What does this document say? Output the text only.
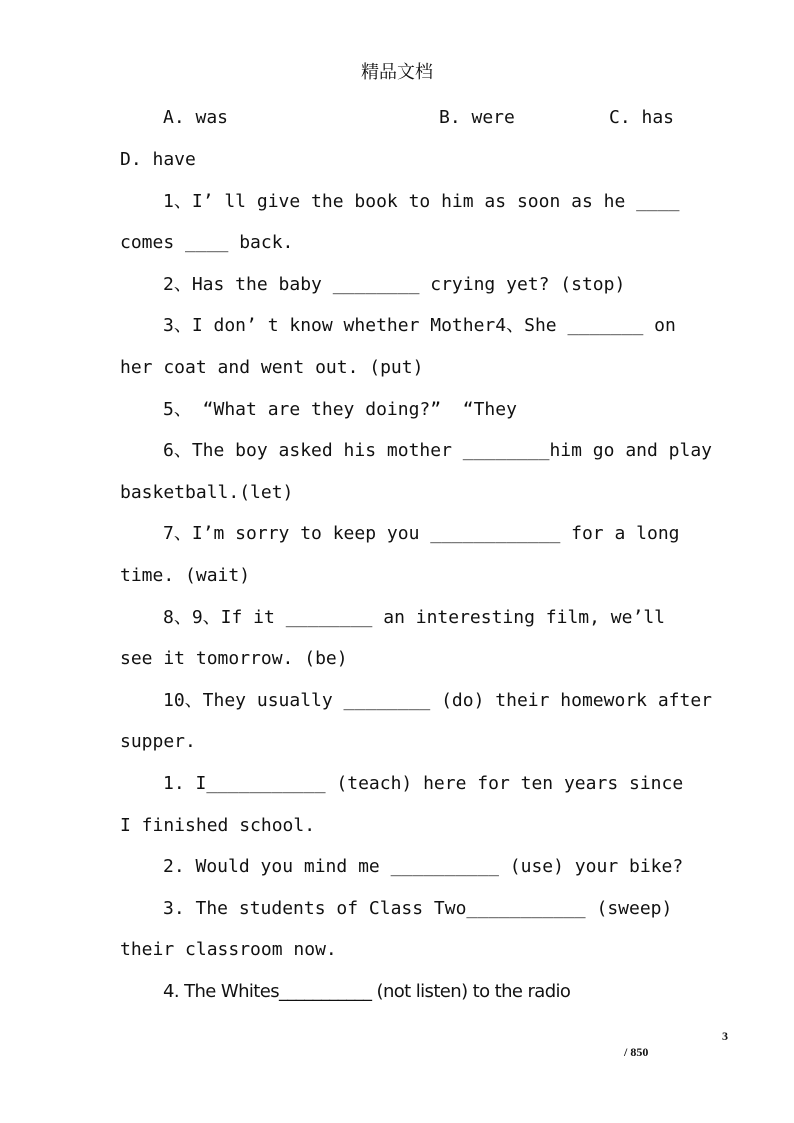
精品文档
A. was	B. were	C. has
D. have
1、I’ ll give the book to him as soon as he ____
comes ____ back.
2、Has the baby ________ crying yet? (stop)
3、I don’ t know whether Mother4、She _______ on
her coat and went out. (put)
5、 “What are they doing?”  “They
6、The boy asked his mother ________him go and play
basketball.(let)
7、I’m sorry to keep you ____________ for a long
time. (wait)
8、9、If it ________ an interesting film, we’ll
see it tomorrow. (be)
10、They usually ________ (do) their homework after
supper.
1. I___________ (teach) here for ten years since
I finished school.
2. Would you mind me __________ (use) your bike?
3. The students of Class Two___________ (sweep)
their classroom now.
4. The Whites___________ (not listen) to the radio
3
/ 850
